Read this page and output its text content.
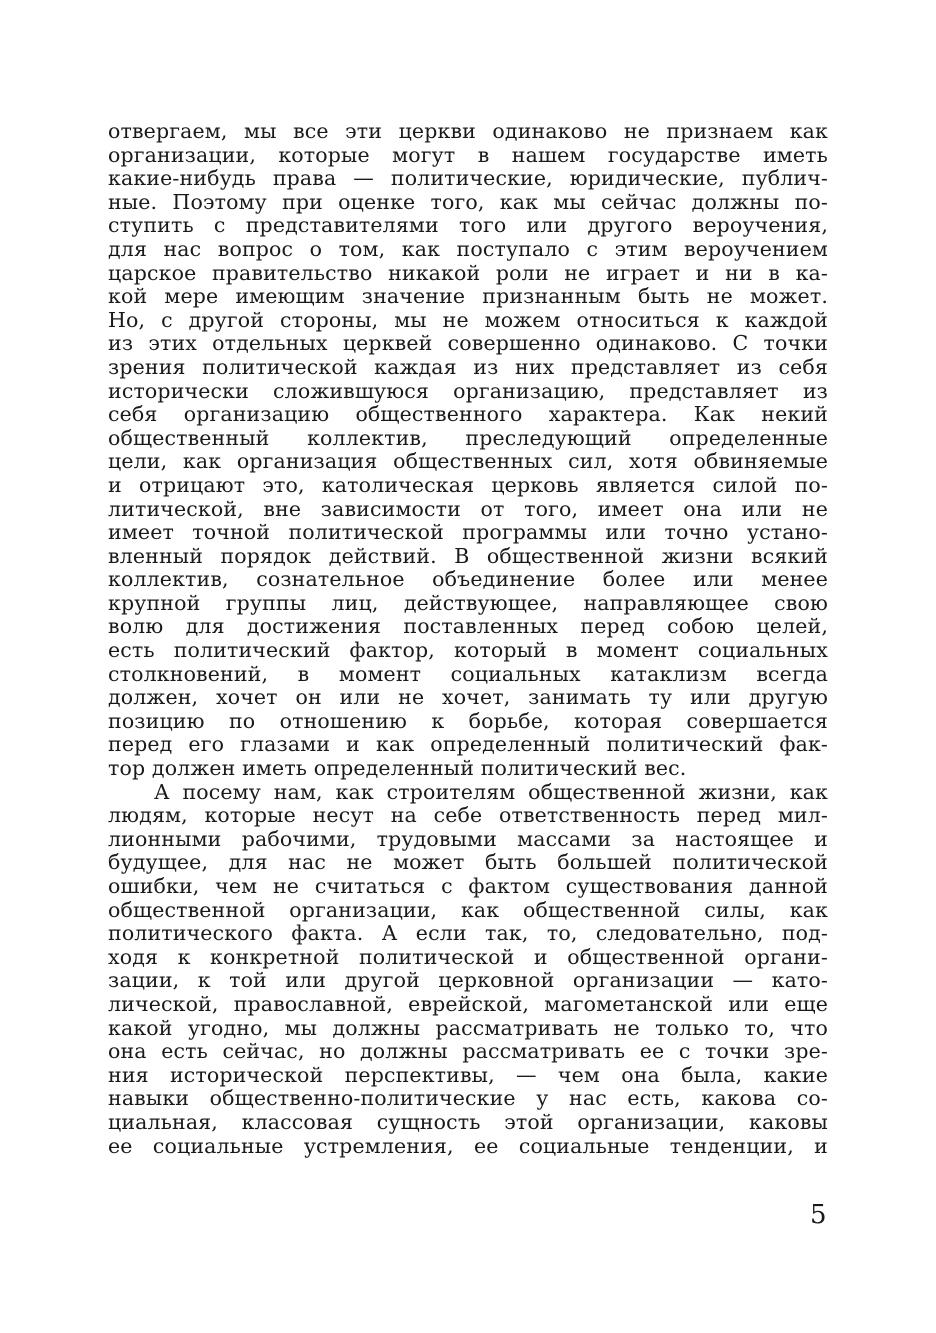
отвергаем, мы все эти церкви одинаково не признаем как
организации, которые могут в нашем государстве иметь
какие-нибудь права — политические, юридические, публич-
ные. Поэтому при оценке того, как мы сейчас должны по-
ступить с представителями того или другого вероучения,
для нас вопрос о том, как поступало с этим вероучением
царское правительство никакой роли не играет и ни в ка-
кой мере имеющим значение признанным быть не может.
Но, с другой стороны, мы не можем относиться к каждой
из этих отдельных церквей совершенно одинаково. С точки
зрения политической каждая из них представляет из себя
исторически сложившуюся организацию, представляет из
себя организацию общественного характера. Как некий
общественный коллектив, преследующий определенные
цели, как организация общественных сил, хотя обвиняемые
и отрицают это, католическая церковь является силой по-
литической, вне зависимости от того, имеет она или не
имеет точной политической программы или точно устано-
вленный порядок действий. В общественной жизни всякий
коллектив, сознательное объединение более или менее
крупной группы лиц, действующее, направляющее свою
волю для достижения поставленных перед собою целей,
есть политический фактор, который в момент социальных
столкновений, в момент социальных катаклизм всегда
должен, хочет он или не хочет, занимать ту или другую
позицию по отношению к борьбе, которая совершается
перед его глазами и как определенный политический фак-
тор должен иметь определенный политический вес.
А посему нам, как строителям общественной жизни, как
людям, которые несут на себе ответственность перед мил-
лионными рабочими, трудовыми массами за настоящее и
будущее, для нас не может быть большей политической
ошибки, чем не считаться с фактом существования данной
общественной организации, как общественной силы, как
политического факта. А если так, то, следовательно, под-
ходя к конкретной политической и общественной органи-
зации, к той или другой церковной организации — като-
лической, православной, еврейской, магометанской или еще
какой угодно, мы должны рассматривать не только то, что
она есть сейчас, но должны рассматривать ее с точки зре-
ния исторической перспективы, — чем она была, какие
навыки общественно-политические у нас есть, какова со-
циальная, классовая сущность этой организации, каковы
ее социальные устремления, ее социальные тенденции, и
5
